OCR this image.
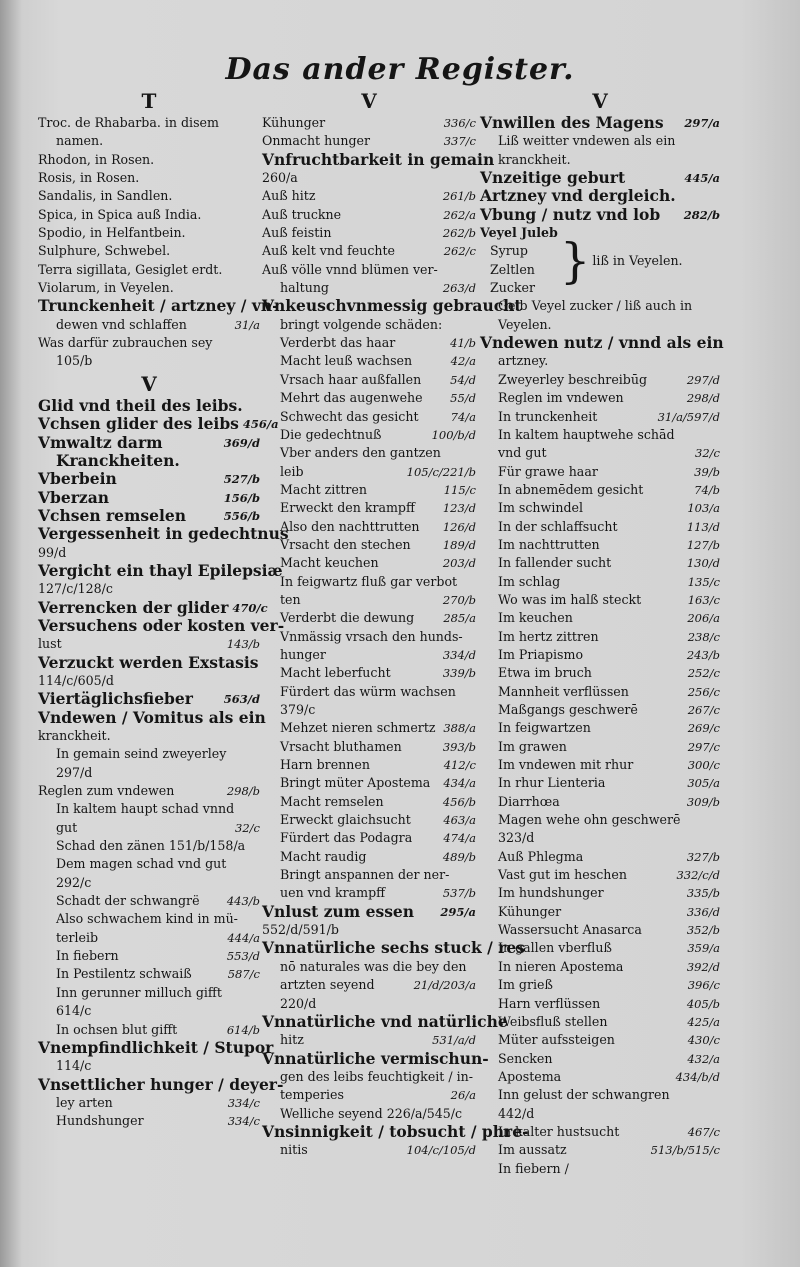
Das ander Register.
T
Troc. de Rhabarba. in disem
namen.
Rhodon, in Rosen.
Rosis, in Rosen.
Sandalis, in Sandlen.
Spica, in Spica auß India.
Spodio, in Helfantbein.
Sulphure, Schwebel.
Terra sigillata, Gesiglet erdt.
Violarum, in Veyelen.
Trunckenheit / artzney / vn-
dewen vnd schlaffen	31/a
Was darfür zubrauchen sey
105/b
V
Glid vnd theil des leibs.
Vchsen glider des leibs 456/a
Vmwaltz darm	369/d
Kranckheiten.
Vberbein	527/b
Vberzan	156/b
Vchsen remselen	556/b
Vergessenheit in gedechtnus
99/d
Vergicht ein thayl Epilepsiæ
127/c/128/c
Verrencken der glider 470/c
Versuchens oder kosten ver-
lust	143/b
Verzuckt werden Exstasis
114/c/605/d
Viertäglichsfieber	563/d
Vndewen / Vomitus als ein
kranckheit.
In gemain seind zweyerley
297/d
Reglen zum vndewen	298/b
In kaltem haupt schad vnnd
gut	32/c
Schad den zänen 151/b/158/a
Dem magen schad vnd gut
292/c
Schadt der schwangrë	443/b
Also schwachem kind in mü-
terleib	444/a
In fiebern	553/d
In Pestilentz schwaiß	587/c
Inn gerunner milluch gifft
614/c
In ochsen blut gifft	614/b
Vnempfindlichkeit / Stupor
114/c
Vnsettlicher hunger / deyer-
ley arten	334/c
Hundshunger	334/c
V
Kühunger	336/c
Onmacht hunger	337/c
Vnfruchtbarkeit in gemain
260/a
Auß hitz	261/b
Auß truckne	262/a
Auß feistin	262/b
Auß kelt vnd feuchte	262/c
Auß völle vnnd blümen ver-
haltung	263/d
Vnkeuschvnmessig gebraucht
bringt volgende schäden:
Verderbt das haar	41/b
Macht leuß wachsen	42/a
Vrsach haar außfallen	54/d
Mehrt das augenwehe	55/d
Schwecht das gesicht	74/a
Die gedechtnuß	100/b/d
Vber anders den gantzen
leib	105/c/221/b
Macht zittren	115/c
Erweckt den krampff	123/d
Also den nachttrutten	126/d
Vrsacht den stechen	189/d
Macht keuchen	203/d
In feigwartz fluß gar verbot
ten	270/b
Verderbt die dewung	285/a
Vnmässig vrsach den hunds-
hunger	334/d
Macht leberfucht	339/b
Fürdert das würm wachsen
379/c
Mehzet nieren schmertz 388/a
Vrsacht bluthamen	393/b
Harn brennen	412/c
Bringt müter Apostema	434/a
Macht remselen	456/b
Erweckt glaichsucht	463/a
Fürdert das Podagra	474/a
Macht raudig	489/b
Bringt anspannen der ner-
uen vnd krampff	537/b
Vnlust zum essen	295/a
552/d/591/b
Vnnatürliche sechs stuck / res
nō naturales was die bey den
artzten seyend	21/d/203/a
220/d
Vnnatürliche vnd natürliche
hitz	531/a/d
Vnnatürliche vermischun-
gen des leibs feuchtigkeit / in-
temperies	26/a
Welliche seyend 226/a/545/c
Vnsinnigkeit / tobsucht / phre-
nitis	104/c/105/d
V
Vnwillen des Magens	297/a
Liß weitter vndewen als ein
kranckheit.
Vnzeitige geburt	445/a
Artzney vnd dergleich.
Vbung / nutz vnd lob	282/b
Veyel Juleb
Syrup
Zeltlen
Zucker } liß in Veyelen.
Gelb Veyel zucker / liß auch in
Veyelen.
Vndewen nutz / vnnd als ein
artzney.
Zweyerley beschreibūg	297/d
Reglen im vndewen	298/d
In trunckenheit	31/a/597/d
In kaltem hauptwehe schād
vnd gut	32/c
Für grawe haar	39/b
In abnemēdem gesicht	74/b
Im schwindel	103/a
In der schlaffsucht	113/d
Im nachttrutten	127/b
In fallender sucht	130/d
Im schlag	135/c
Wo was im halß steckt	163/c
Im keuchen	206/a
Im hertz zittren	238/c
Im Priapismo	243/b
Etwa im bruch	252/c
Mannheit verflüssen	256/c
Maßgangs geschwerē	267/c
In feigwartzen	269/c
Im grawen	297/c
Im vndewen mit rhur	300/c
In rhur Lienteria	305/a
Diarrhœa	309/b
Magen wehe ohn geschwerē
323/d
Auß Phlegma	327/b
Vast gut im heschen	332/c/d
Im hundshunger	335/b
Kühunger	336/d
Wassersucht Anasarca	352/b
In gallen vberfluß	359/a
In nieren Apostema	392/d
Im grieß	396/c
Harn verflüssen	405/b
Weibsfluß stellen	425/a
Müter aufssteigen	430/c
Sencken	432/a
Apostema	434/b/d
Inn gelust der schwangren
442/d
In kalter hustsucht	467/c
Im aussatz	513/b/515/c
In fiebern /
